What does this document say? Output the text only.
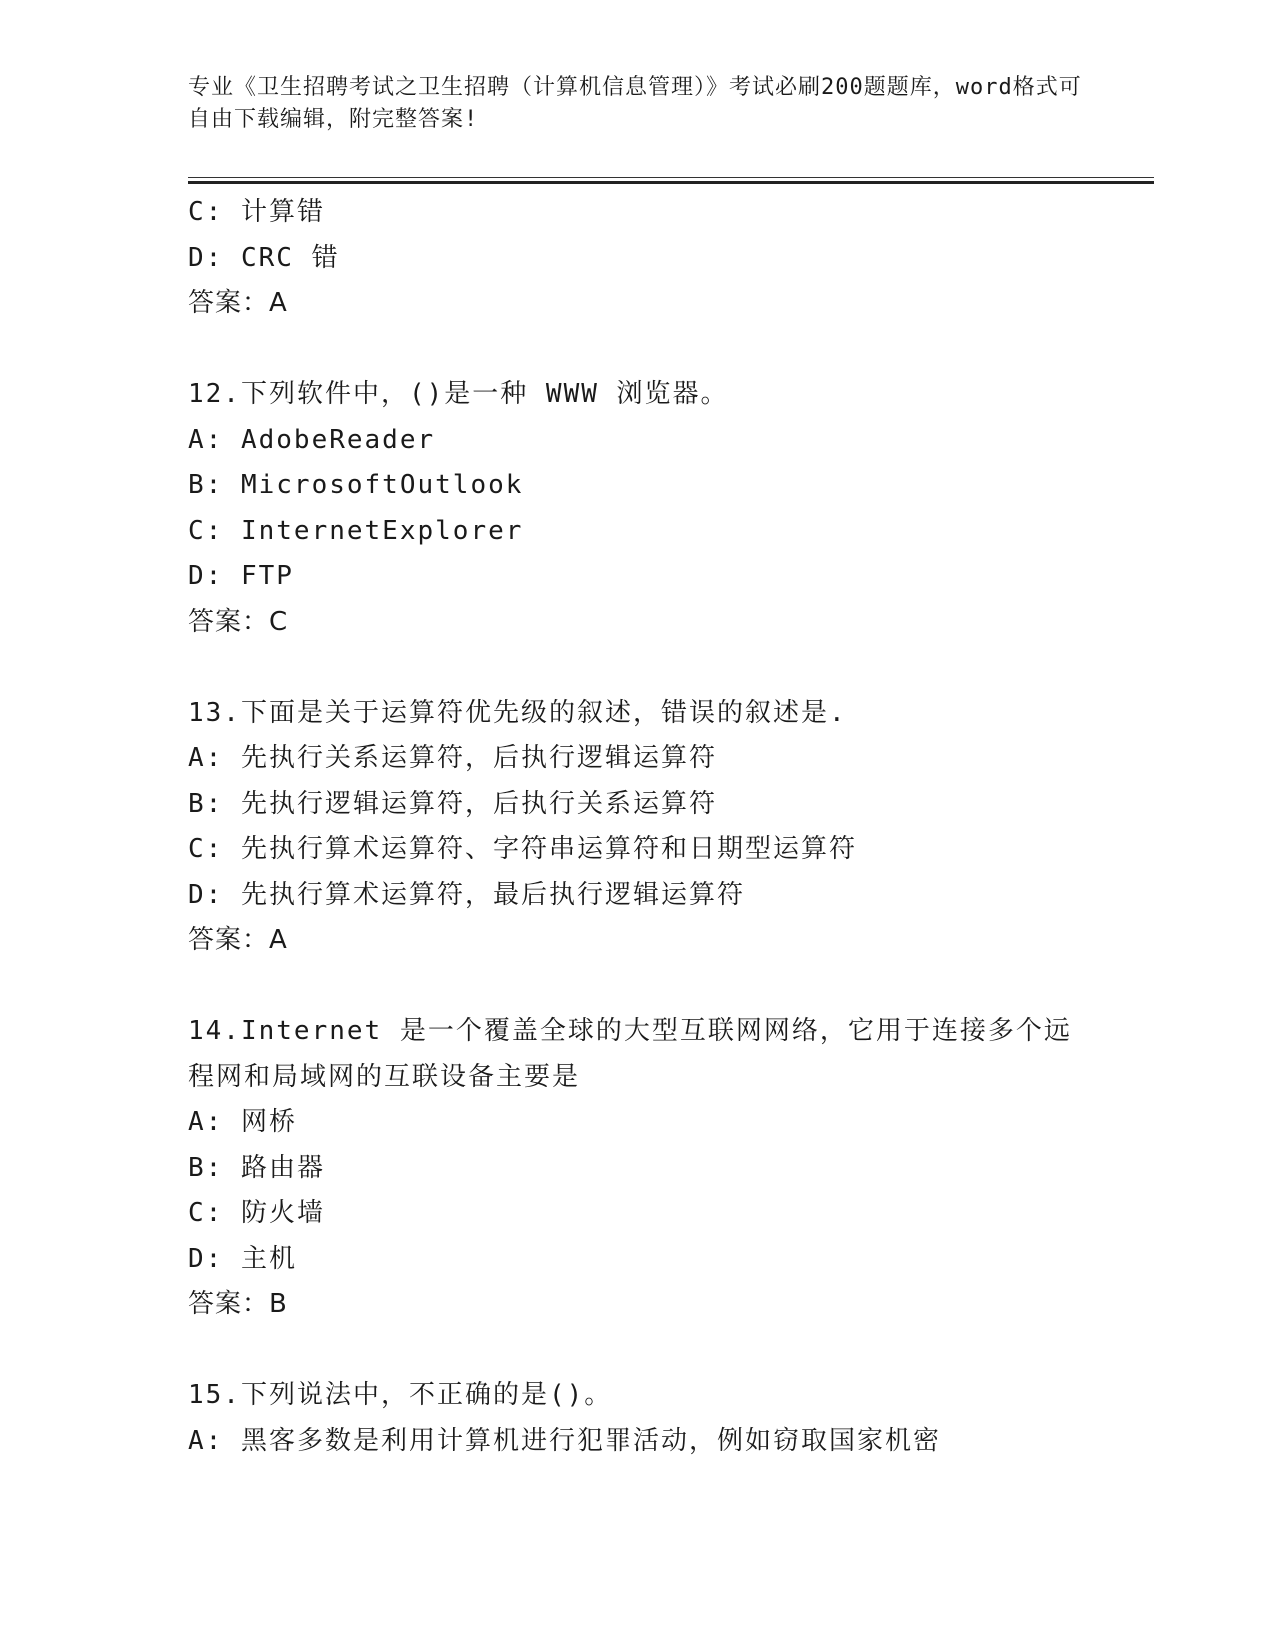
专业《卫生招聘考试之卫生招聘（计算机信息管理）》考试必刷200题题库，word格式可自由下载编辑，附完整答案!
C: 计算错
D: CRC 错
答案：A
12.下列软件中，()是一种 WWW 浏览器。
A: AdobeReader
B: MicrosoftOutlook
C: InternetExplorer
D: FTP
答案：C
13.下面是关于运算符优先级的叙述，错误的叙述是.
A: 先执行关系运算符，后执行逻辑运算符
B: 先执行逻辑运算符，后执行关系运算符
C: 先执行算术运算符、字符串运算符和日期型运算符
D: 先执行算术运算符，最后执行逻辑运算符
答案：A
14.Internet 是一个覆盖全球的大型互联网网络，它用于连接多个远程网和局域网的互联设备主要是
A: 网桥
B: 路由器
C: 防火墙
D: 主机
答案：B
15.下列说法中，不正确的是()。
A: 黑客多数是利用计算机进行犯罪活动，例如窃取国家机密
